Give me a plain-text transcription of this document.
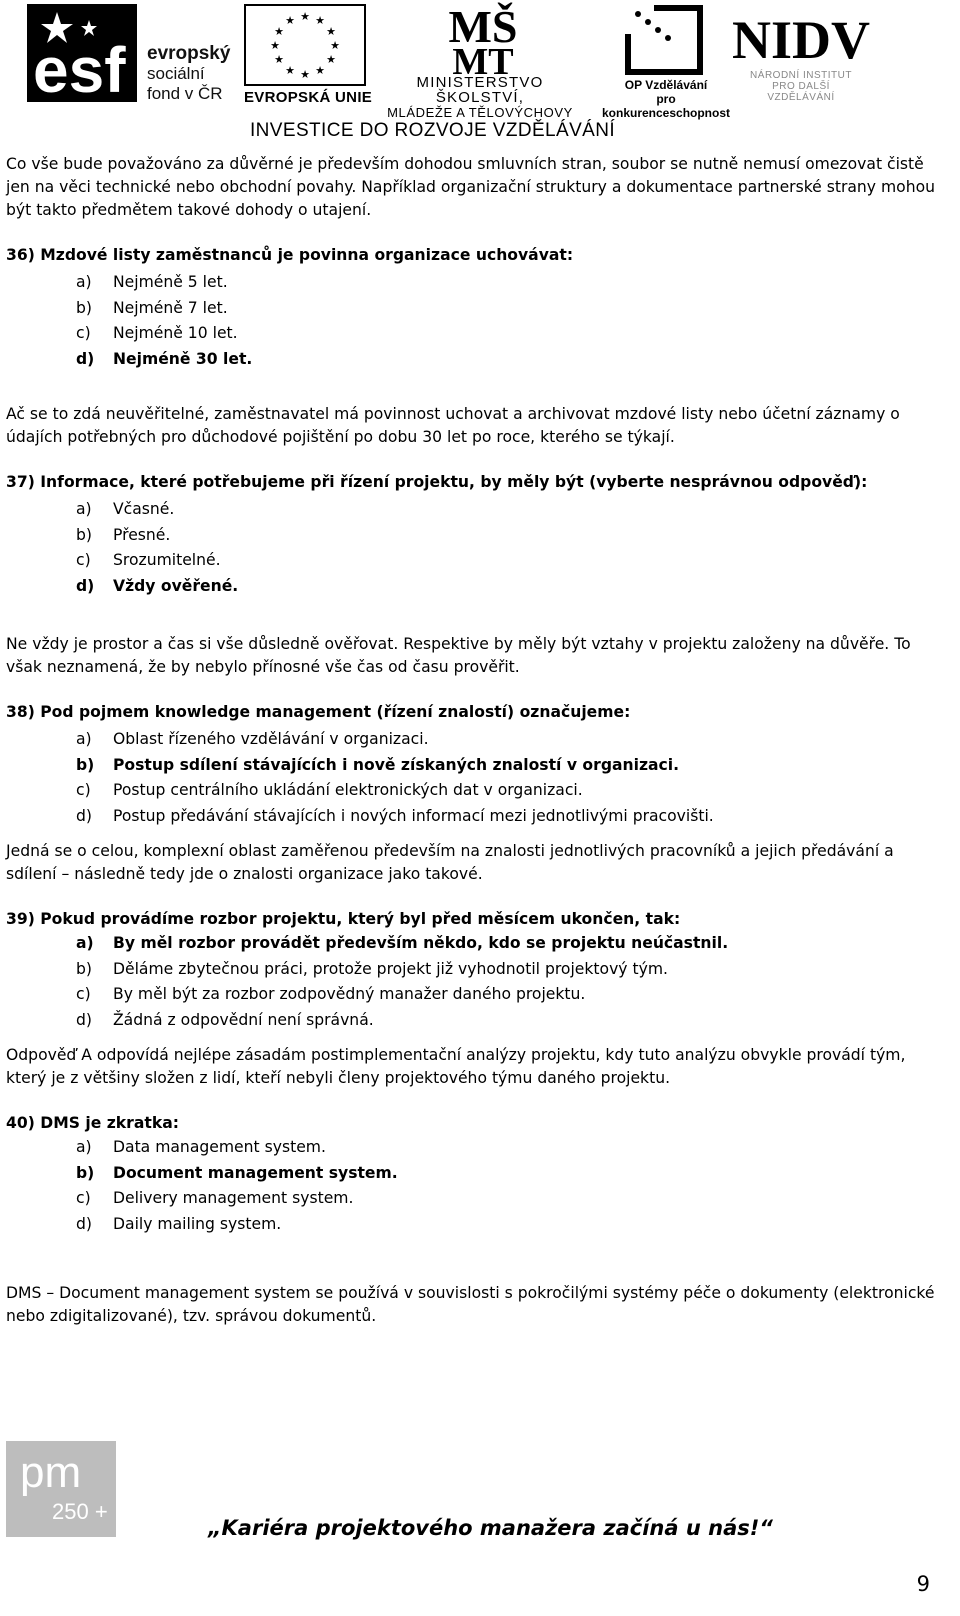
esf evropský
sociální
fond v ČR
★ ★
★
★
★
★
★
★
★
★
★
★
EVROPSKÁ UNIE
MŠ
MT
MINISTERSTVO ŠKOLSTVÍ,
MLÁDEŽE A TĚLOVÝCHOVY
OP Vzdělávání
pro konkurenceschopnost
NIDV
NÁRODNÍ INSTITUT
PRO DALŠÍ
VZDĚLÁVÁNÍ
INVESTICE DO ROZVOJE VZDĚLÁVÁNÍ

Co vše bude považováno za důvěrné je především dohodou smluvních stran, soubor se nutně nemusí omezovat čistě jen na věci technické nebo obchodní povahy. Například organizační struktury a dokumentace partnerské strany mohou být takto předmětem takové dohody o utajení.

36) Mzdové listy zaměstnanců je povinna organizace uchovávat:

a) Nejméně 5 let.
b) Nejméně 7 let.
c) Nejméně 10 let.
d) Nejméně 30 let.

Ač se to zdá neuvěřitelné, zaměstnavatel má povinnost uchovat a archivovat mzdové listy nebo účetní záznamy o údajích potřebných pro důchodové pojištění po dobu 30 let po roce, kterého se týkají.

37) Informace, které potřebujeme při řízení projektu, by měly být (vyberte nesprávnou odpověď):

a) Včasné.
b) Přesné.
c) Srozumitelné.
d) Vždy ověřené.

Ne vždy je prostor a čas si vše důsledně ověřovat. Respektive by měly být vztahy v projektu založeny na důvěře. To však neznamená, že by nebylo přínosné vše čas od času prověřit.

38) Pod pojmem knowledge management (řízení znalostí) označujeme:

a) Oblast řízeného vzdělávání v organizaci.
b) Postup sdílení stávajících i nově získaných znalostí v organizaci.
c) Postup centrálního ukládání elektronických dat v organizaci.
d) Postup předávání stávajících i nových informací mezi jednotlivými pracovišti.

Jedná se o celou, komplexní oblast zaměřenou především na znalosti jednotlivých pracovníků a jejich předávání a sdílení – následně tedy jde o znalosti organizace jako takové.

39) Pokud provádíme rozbor projektu, který byl před měsícem ukončen, tak:

a) By měl rozbor provádět především někdo, kdo se projektu neúčastnil.
b) Děláme zbytečnou práci, protože projekt již vyhodnotil projektový tým.
c) By měl být za rozbor zodpovědný manažer daného projektu.
d) Žádná z odpovědní není správná.

Odpověď A odpovídá nejlépe zásadám postimplementační analýzy projektu, kdy tuto analýzu obvykle provádí tým, který je z většiny složen z lidí, kteří nebyli členy projektového týmu daného projektu.

40) DMS je zkratka:

a) Data management system.
b) Document management system.
c) Delivery management system.
d) Daily mailing system.

DMS – Document management system se používá v souvislosti s pokročilými systémy péče o dokumenty (elektronické nebo zdigitalizované), tzv. správou dokumentů.

pm
250 +
„Kariéra projektového manažera začíná u nás!“
9
